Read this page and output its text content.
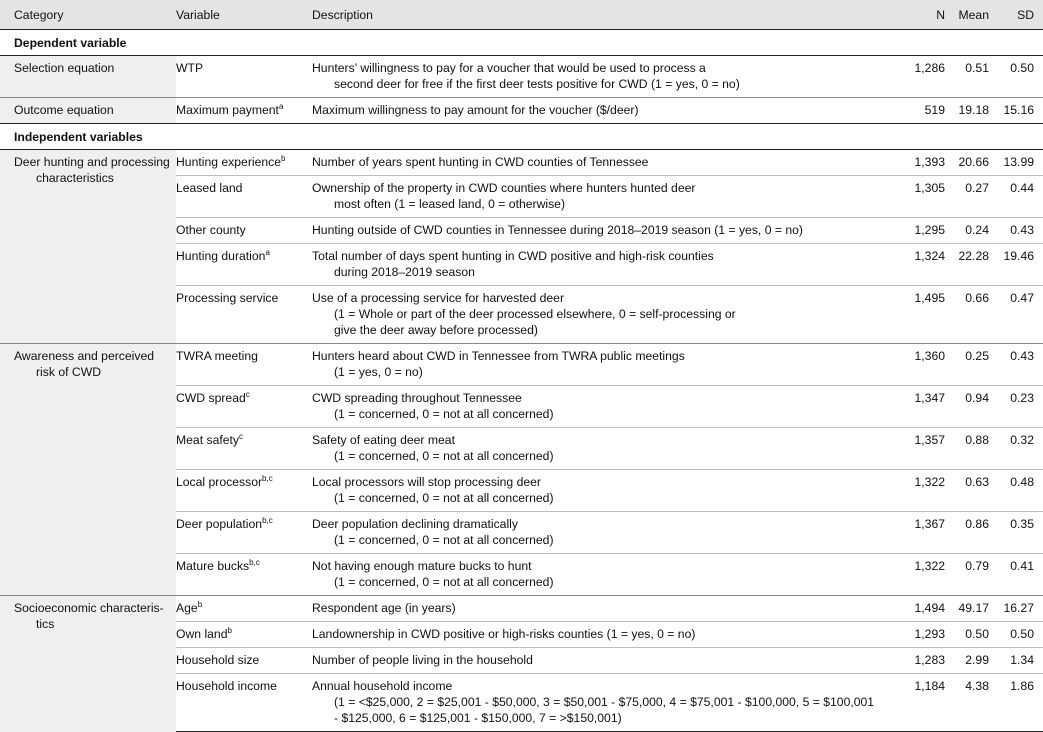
Category	Variable	Description	N	Mean	SD
Dependent variable					
Selection equation	WTP	Hunters’ willingness to pay for a voucher that would be used to process a
second deer for free if the first deer tests positive for CWD (1 = yes, 0 = no)	1,286	0.51	0.50
Outcome equation	Maximum payment$^a$	Maximum willingness to pay amount for the voucher ($/deer)	519	19.18	15.16
Independent variables					
Deer hunting and processing
characteristics	Hunting experience$^b$	Number of years spent hunting in CWD counties of Tennessee	1,393	20.66	13.99
	Leased land	Ownership of the property in CWD counties where hunters hunted deer
most often (1 = leased land, 0 = otherwise)	1,305	0.27	0.44
	Other county	Hunting outside of CWD counties in Tennessee during 2018–2019 season (1 = yes, 0 = no)	1,295	0.24	0.43
	Hunting duration$^a$	Total number of days spent hunting in CWD positive and high-risk counties
during 2018–2019 season	1,324	22.28	19.46
	Processing service	Use of a processing service for harvested deer
(1 = Whole or part of the deer processed elsewhere, 0 = self-processing or
give the deer away before processed)	1,495	0.66	0.47
Awareness and perceived
risk of CWD	TWRA meeting	Hunters heard about CWD in Tennessee from TWRA public meetings
(1 = yes, 0 = no)	1,360	0.25	0.43
	CWD spread$^c$	CWD spreading throughout Tennessee
(1 = concerned, 0 = not at all concerned)	1,347	0.94	0.23
	Meat safety$^c$	Safety of eating deer meat
(1 = concerned, 0 = not at all concerned)	1,357	0.88	0.32
	Local processor$^{b,c}$	Local processors will stop processing deer
(1 = concerned, 0 = not at all concerned)	1,322	0.63	0.48
	Deer population$^{b,c}$	Deer population declining dramatically
(1 = concerned, 0 = not at all concerned)	1,367	0.86	0.35
	Mature bucks$^{b,c}$	Not having enough mature bucks to hunt
(1 = concerned, 0 = not at all concerned)	1,322	0.79	0.41
Socioeconomic characteris-
tics	Age$^b$	Respondent age (in years)	1,494	49.17	16.27
	Own land$^b$	Landownership in CWD positive or high-risks counties (1 = yes, 0 = no)	1,293	0.50	0.50
	Household size	Number of people living in the household	1,283	2.99	1.34
	Household income	Annual household income
(1 = <$25,000, 2 = $25,001 - $50,000, 3 = $50,001 - $75,000, 4 = $75,001 - $100,000, 5 = $100,001
- $125,000, 6 = $125,001 - $150,000, 7 = >$150,001)	1,184	4.38	1.86
